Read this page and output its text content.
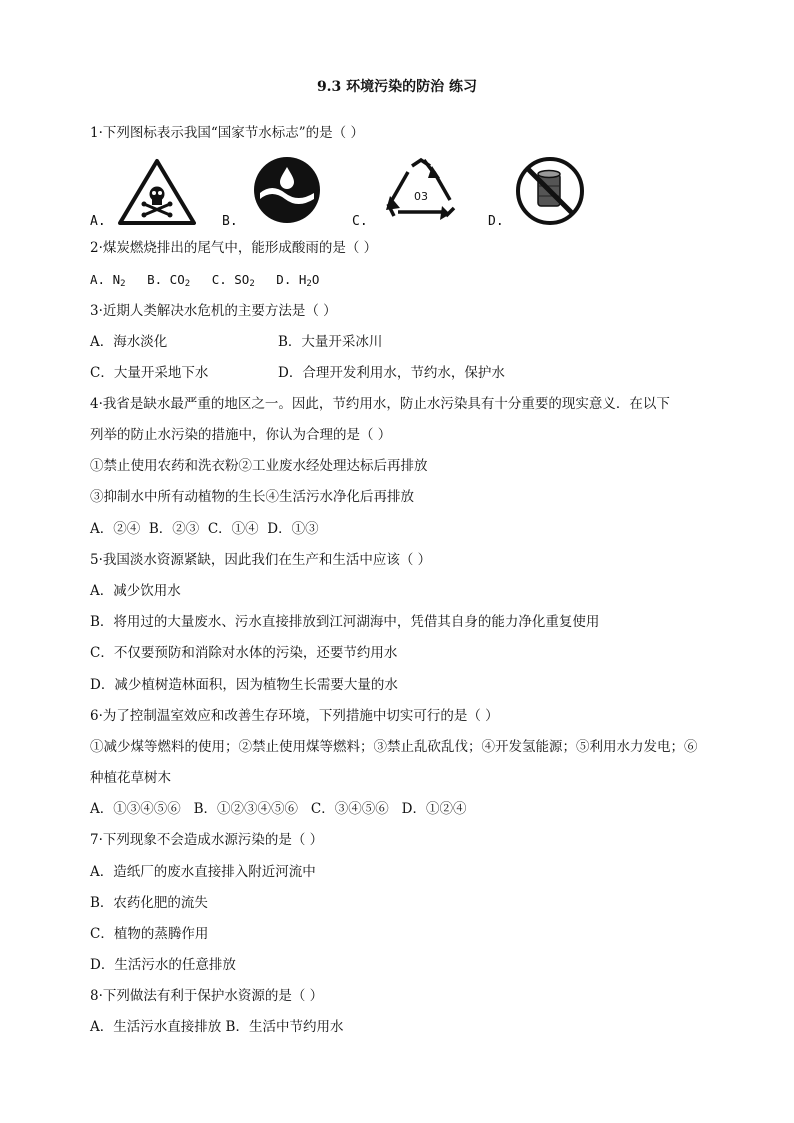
9.3 环境污染的防治 练习
1·下列图标表示我国“国家节水标志”的是（ ）
A.	B.
03
C.	D.
2·煤炭燃烧排出的尾气中，能形成酸雨的是（ ）
A. $N_2$ B. $CO_2$ C. $SO_2$ D. $H_2O$
3·近期人类解决水危机的主要方法是（ ）
A．海水淡化	B．大量开采冰川
C．大量开采地下水	D．合理开发利用水，节约水，保护水
4·我省是缺水最严重的地区之一。因此，节约用水，防止水污染具有十分重要的现实意义．在以下
列举的防止水污染的措施中，你认为合理的是（ ）
①禁止使用农药和洗衣粉②工业废水经处理达标后再排放
③抑制水中所有动植物的生长④生活污水净化后再排放
A．②④  B．②③  C．①④  D．①③
5·我国淡水资源紧缺，因此我们在生产和生活中应该（ ）
A．减少饮用水
B．将用过的大量废水、污水直接排放到江河湖海中，凭借其自身的能力净化重复使用
C．不仅要预防和消除对水体的污染，还要节约用水
D．减少植树造林面积，因为植物生长需要大量的水
6·为了控制温室效应和改善生存环境，下列措施中切实可行的是（ ）
①减少煤等燃料的使用；②禁止使用煤等燃料；③禁止乱砍乱伐；④开发氢能源；⑤利用水力发电；⑥
种植花草树木
A．①③④⑤⑥   B．①②③④⑤⑥   C．③④⑤⑥   D．①②④
7·下列现象不会造成水源污染的是（ ）
A．造纸厂的废水直接排入附近河流中
B．农药化肥的流失
C．植物的蒸腾作用
D．生活污水的任意排放
8·下列做法有利于保护水资源的是（ ）
A．生活污水直接排放 B．生活中节约用水
